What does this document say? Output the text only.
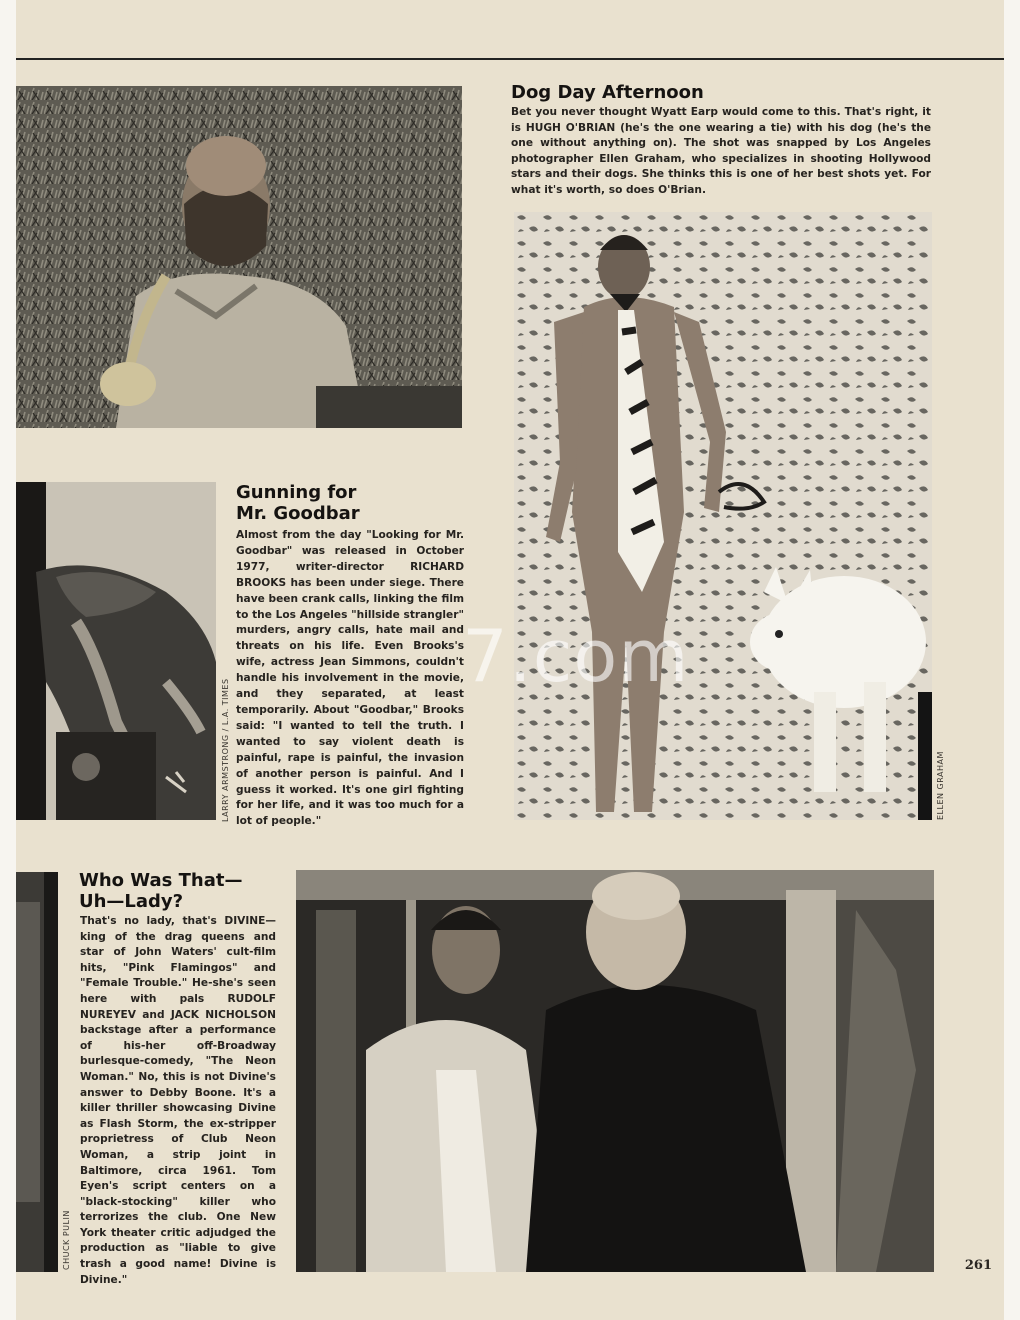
Dog Day Afternoon

Bet you never thought Wyatt Earp would come to this. That's right, it is HUGH O'BRIAN (he's the one wearing a tie) with his dog (he's the one without anything on). The shot was snapped by Los Angeles photographer Ellen Graham, who specializes in shooting Hollywood stars and their dogs. She thinks this is one of her best shots yet. For what it's worth, so does O'Brian.

ELLEN GRAHAM
LARRY ARMSTRONG / L.A. TIMES
Gunning for
Mr. Goodbar

Almost from the day "Looking for Mr. Goodbar" was released in October 1977, writer-director RICHARD BROOKS has been under siege. There have been crank calls, linking the film to the Los Angeles "hillside strangler" murders, angry calls, hate mail and threats on his life. Even Brooks's wife, actress Jean Simmons, couldn't handle his involvement in the movie, and they separated, at least temporarily. About "Goodbar," Brooks said: "I wanted to tell the truth. I wanted to say violent death is painful, rape is painful, the invasion of another person is painful. And I guess it worked. It's one girl fighting for her life, and it was too much for a lot of people."

CHUCK PULIN
Who Was That—
Uh—Lady?

That's no lady, that's DIVINE—king of the drag queens and star of John Waters' cult-film hits, "Pink Flamingos" and "Female Trouble." He-she's seen here with pals RUDOLF NUREYEV and JACK NICHOLSON backstage after a performance of his-her off-Broadway burlesque-comedy, "The Neon Woman." No, this is not Divine's answer to Debby Boone. It's a killer thriller showcasing Divine as Flash Storm, the ex-stripper proprietress of Club Neon Woman, a strip joint in Baltimore, circa 1961. Tom Eyen's script centers on a "black-stocking" killer who terrorizes the club. One New York theater critic adjudged the production as "liable to give trash a good name! Divine is Divine."

7.com
261
